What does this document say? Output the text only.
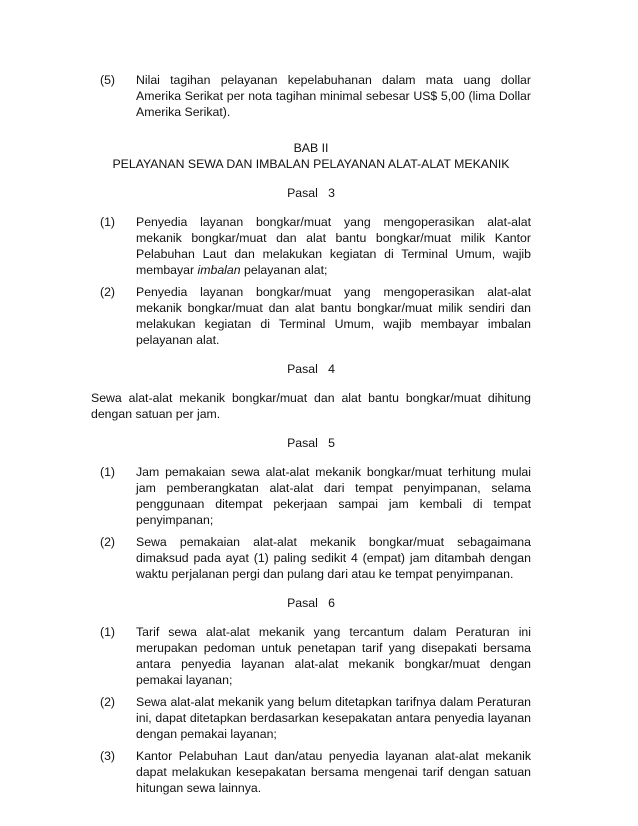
(5)	Nilai tagihan pelayanan kepelabuhanan dalam mata uang dollar Amerika Serikat per nota tagihan minimal sebesar US$ 5,00 (lima Dollar Amerika Serikat).
BAB II
PELAYANAN SEWA DAN IMBALAN PELAYANAN ALAT-ALAT MEKANIK
Pasal   3
(1)	Penyedia layanan bongkar/muat yang mengoperasikan alat-alat mekanik bongkar/muat dan alat bantu bongkar/muat milik Kantor Pelabuhan Laut dan melakukan kegiatan di Terminal Umum, wajib membayar imbalan pelayanan alat;
(2)	Penyedia layanan bongkar/muat yang mengoperasikan alat-alat mekanik bongkar/muat dan alat bantu bongkar/muat milik sendiri dan melakukan kegiatan di Terminal Umum, wajib membayar imbalan pelayanan alat.
Pasal   4
Sewa alat-alat mekanik bongkar/muat dan alat bantu bongkar/muat dihitung dengan satuan per jam.
Pasal   5
(1)	Jam pemakaian sewa alat-alat mekanik bongkar/muat terhitung mulai jam pemberangkatan alat-alat dari tempat penyimpanan, selama penggunaan ditempat pekerjaan sampai jam kembali di tempat penyimpanan;
(2)	Sewa pemakaian alat-alat mekanik bongkar/muat sebagaimana dimaksud pada ayat (1) paling sedikit 4 (empat) jam ditambah dengan waktu perjalanan pergi dan pulang dari atau ke tempat penyimpanan.
Pasal   6
(1)	Tarif sewa alat-alat mekanik yang tercantum dalam Peraturan ini merupakan pedoman untuk penetapan tarif yang disepakati bersama antara penyedia layanan alat-alat mekanik bongkar/muat dengan pemakai layanan;
(2)	Sewa alat-alat mekanik yang belum ditetapkan tarifnya dalam Peraturan ini, dapat ditetapkan berdasarkan kesepakatan antara penyedia layanan dengan pemakai layanan;
(3)	Kantor Pelabuhan Laut dan/atau penyedia layanan alat-alat mekanik dapat melakukan kesepakatan bersama mengenai tarif dengan satuan hitungan sewa lainnya.
